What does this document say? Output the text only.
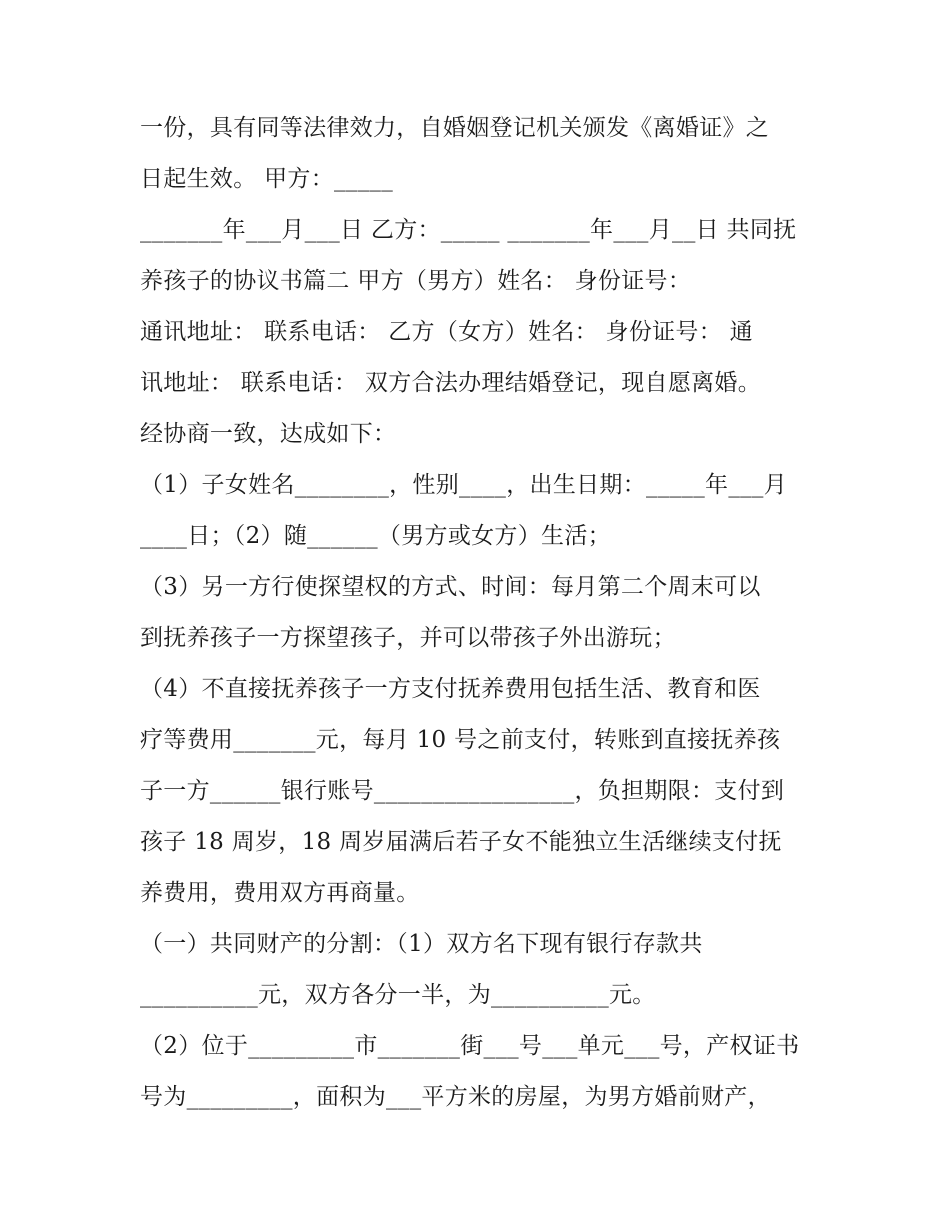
一份，具有同等法律效力，自婚姻登记机关颁发《离婚证》之
日起生效。 甲方：_____
_______年___月___日 乙方：_____ _______年___月__日 共同抚
养孩子的协议书篇二 甲方（男方）姓名： 身份证号：
通讯地址： 联系电话： 乙方（女方）姓名： 身份证号： 通
讯地址： 联系电话： 双方合法办理结婚登记，现自愿离婚。
经协商一致，达成如下：
（1）子女姓名________，性别____，出生日期：_____年___月
____日；（2）随______（男方或女方）生活；
（3）另一方行使探望权的方式、时间：每月第二个周末可以
到抚养孩子一方探望孩子，并可以带孩子外出游玩；
（4）不直接抚养孩子一方支付抚养费用包括生活、教育和医
疗等费用_______元，每月 10 号之前支付，转账到直接抚养孩
子一方______银行账号_________________，负担期限：支付到
孩子 18 周岁，18 周岁届满后若子女不能独立生活继续支付抚
养费用，费用双方再商量。
（一）共同财产的分割：（1）双方名下现有银行存款共
__________元，双方各分一半，为__________元。
（2）位于_________市_______街___号___单元___号，产权证书
号为_________，面积为___平方米的房屋，为男方婚前财产，
